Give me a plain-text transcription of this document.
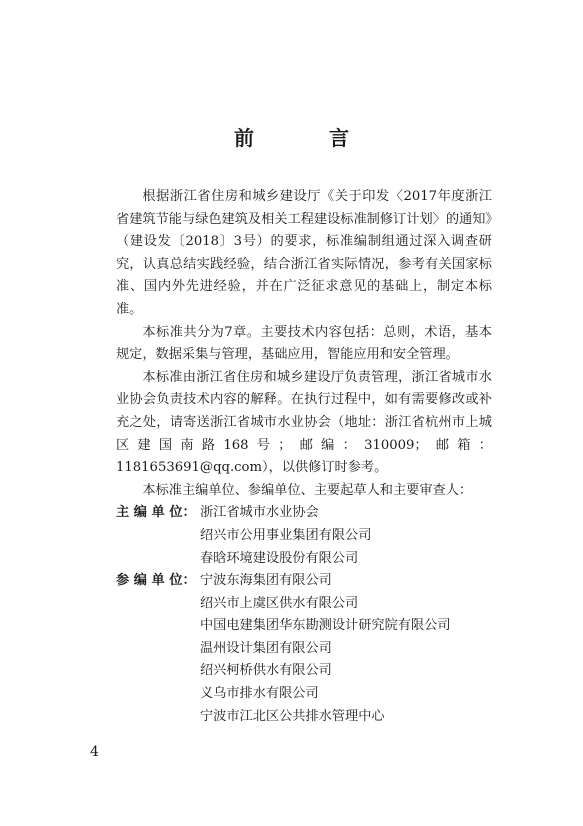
前 言

根据浙江省住房和城乡建设厅《关于印发〈2017年度浙江省建筑节能与绿色建筑及相关工程建设标准制修订计划〉的通知》（建设发〔2018〕3号）的要求，标准编制组通过深入调查研究，认真总结实践经验，结合浙江省实际情况，参考有关国家标准、国内外先进经验，并在广泛征求意见的基础上，制定本标准。

本标准共分为7章。主要技术内容包括：总则，术语，基本规定，数据采集与管理，基础应用，智能应用和安全管理。

本标准由浙江省住房和城乡建设厅负责管理，浙江省城市水业协会负责技术内容的解释。在执行过程中，如有需要修改或补充之处，请寄送浙江省城市水业协会（地址：浙江省杭州市上城区建国南路168号；邮编：310009；邮箱：1181653691@qq.com），以供修订时参考。

本标准主编单位、参编单位、主要起草人和主要审查人：

主 编 单 位： 浙江省城市水业协会
绍兴市公用事业集团有限公司
春晗环境建设股份有限公司
参 编 单 位： 宁波东海集团有限公司
绍兴市上虞区供水有限公司
中国电建集团华东勘测设计研究院有限公司
温州设计集团有限公司
绍兴柯桥供水有限公司
义乌市排水有限公司
宁波市江北区公共排水管理中心
4
